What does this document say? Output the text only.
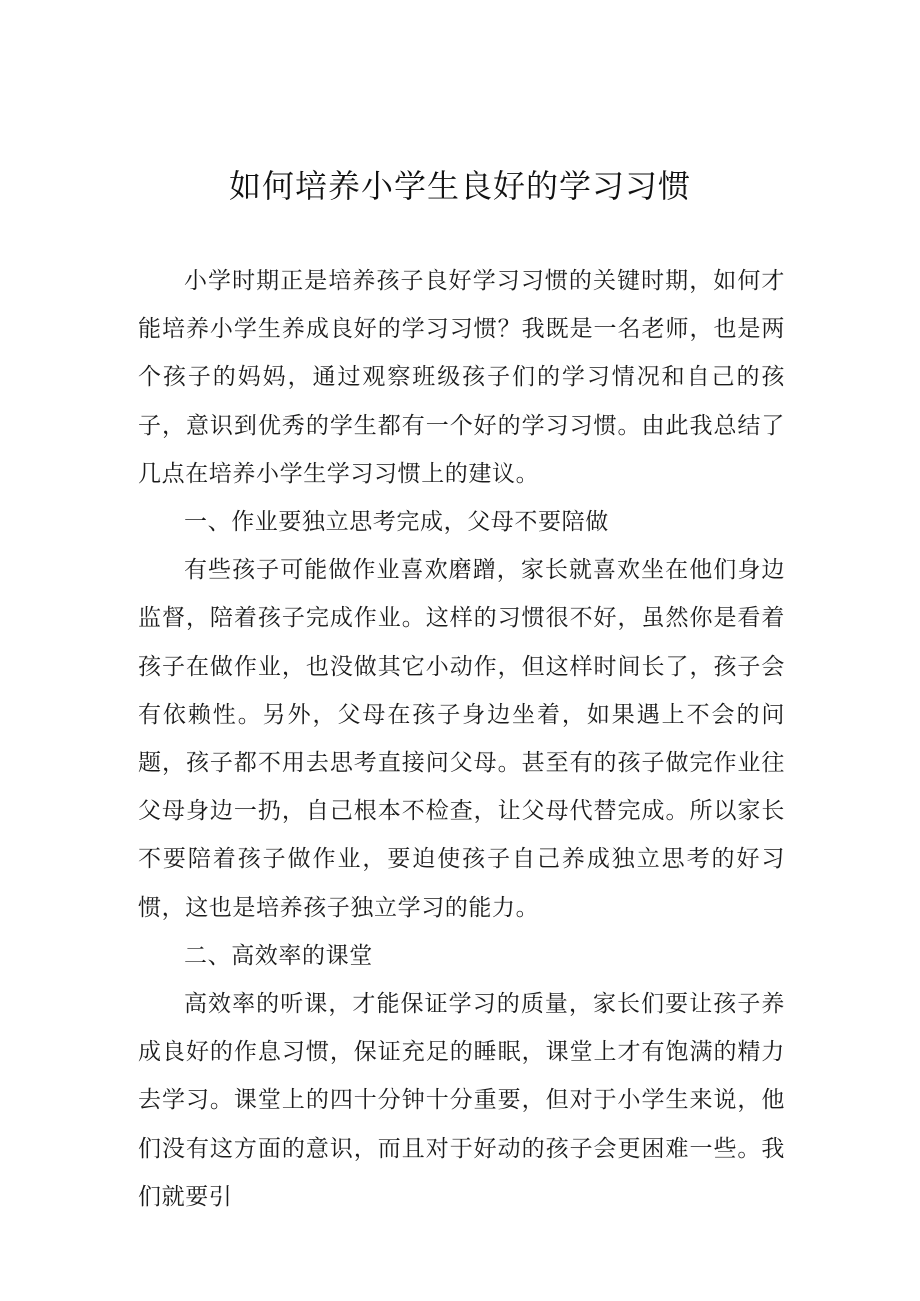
如何培养小学生良好的学习习惯

小学时期正是培养孩子良好学习习惯的关键时期，如何才能培养小学生养成良好的学习习惯？我既是一名老师，也是两个孩子的妈妈，通过观察班级孩子们的学习情况和自己的孩子，意识到优秀的学生都有一个好的学习习惯。由此我总结了几点在培养小学生学习习惯上的建议。

一、作业要独立思考完成，父母不要陪做

有些孩子可能做作业喜欢磨蹭，家长就喜欢坐在他们身边监督，陪着孩子完成作业。这样的习惯很不好，虽然你是看着孩子在做作业，也没做其它小动作，但这样时间长了，孩子会有依赖性。另外，父母在孩子身边坐着，如果遇上不会的问题，孩子都不用去思考直接问父母。甚至有的孩子做完作业往父母身边一扔，自己根本不检查，让父母代替完成。所以家长不要陪着孩子做作业，要迫使孩子自己养成独立思考的好习惯，这也是培养孩子独立学习的能力。

二、高效率的课堂

高效率的听课，才能保证学习的质量，家长们要让孩子养成良好的作息习惯，保证充足的睡眠，课堂上才有饱满的精力去学习。课堂上的四十分钟十分重要，但对于小学生来说，他们没有这方面的意识，而且对于好动的孩子会更困难一些。我们就要引
